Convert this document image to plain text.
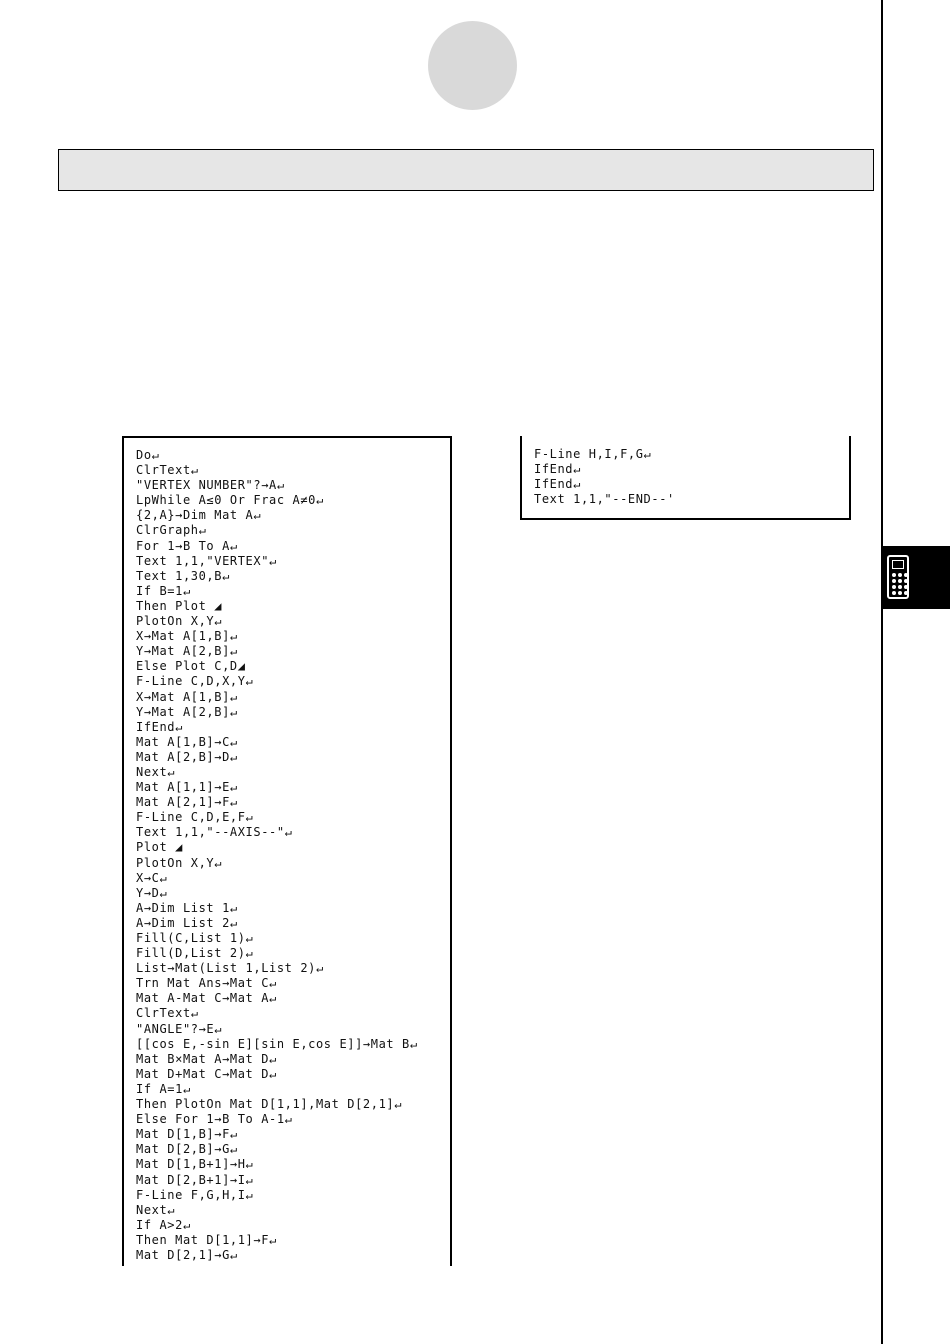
Do↵
ClrText↵
"VERTEX NUMBER"?→A↵
LpWhile A≤0 Or Frac A≠0↵
{2,A}→Dim Mat A↵
ClrGraph↵
For 1→B To A↵
Text 1,1,"VERTEX"↵
Text 1,30,B↵
If B=1↵
Then Plot ◢
PlotOn X,Y↵
X→Mat A[1,B]↵
Y→Mat A[2,B]↵
Else Plot C,D◢
F-Line C,D,X,Y↵
X→Mat A[1,B]↵
Y→Mat A[2,B]↵
IfEnd↵
Mat A[1,B]→C↵
Mat A[2,B]→D↵
Next↵
Mat A[1,1]→E↵
Mat A[2,1]→F↵
F-Line C,D,E,F↵
Text 1,1,"--AXIS--"↵
Plot ◢
PlotOn X,Y↵
X→C↵
Y→D↵
A→Dim List 1↵
A→Dim List 2↵
Fill(C,List 1)↵
Fill(D,List 2)↵
List→Mat(List 1,List 2)↵
Trn Mat Ans→Mat C↵
Mat A-Mat C→Mat A↵
ClrText↵
"ANGLE"?→E↵
[[cos E,-sin E][sin E,cos E]]→Mat B↵
Mat B×Mat A→Mat D↵
Mat D+Mat C→Mat D↵
If A=1↵
Then PlotOn Mat D[1,1],Mat D[2,1]↵
Else For 1→B To A-1↵
Mat D[1,B]→F↵
Mat D[2,B]→G↵
Mat D[1,B+1]→H↵
Mat D[2,B+1]→I↵
F-Line F,G,H,I↵
Next↵
If A>2↵
Then Mat D[1,1]→F↵
Mat D[2,1]→G↵
F-Line H,I,F,G↵
IfEnd↵
IfEnd↵
Text 1,1,"--END--'
